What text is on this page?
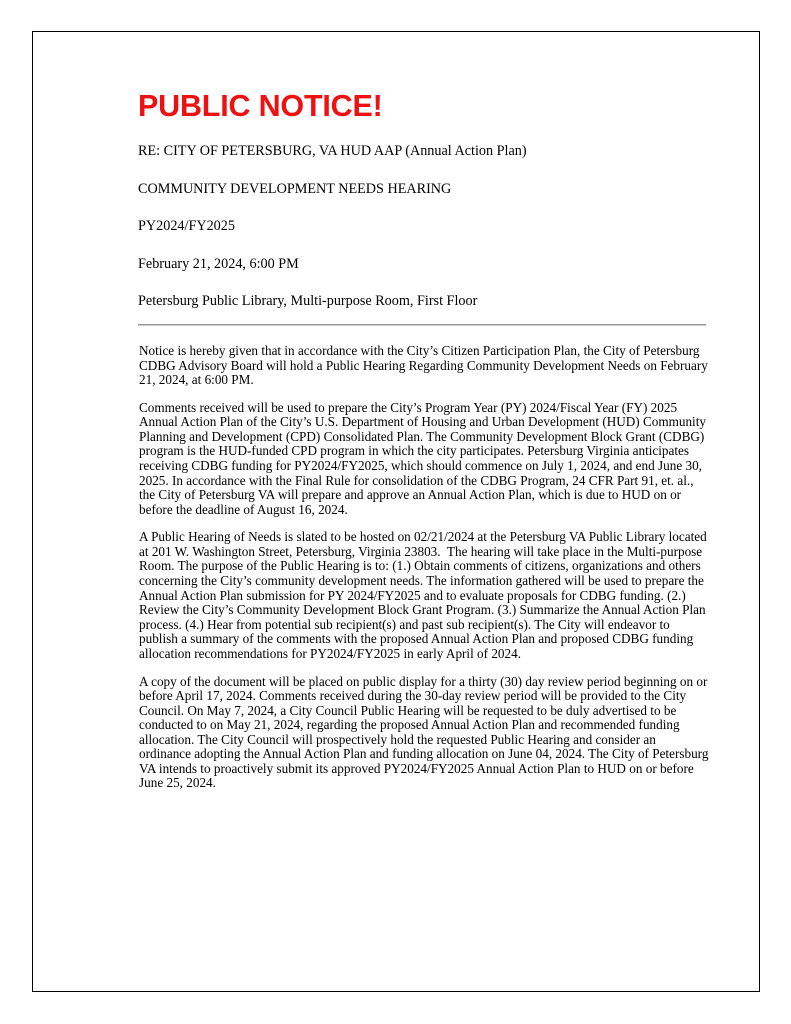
PUBLIC NOTICE!

RE: CITY OF PETERSBURG, VA HUD AAP (Annual Action Plan)

COMMUNITY DEVELOPMENT NEEDS HEARING

PY2024/FY2025

February 21, 2024, 6:00 PM

Petersburg Public Library, Multi-purpose Room, First Floor

Notice is hereby given that in accordance with the City’s Citizen Participation Plan, the City of Petersburg CDBG Advisory Board will hold a Public Hearing Regarding Community Development Needs on February 21, 2024, at 6:00 PM.

Comments received will be used to prepare the City’s Program Year (PY) 2024/Fiscal Year (FY) 2025 Annual Action Plan of the City’s U.S. Department of Housing and Urban Development (HUD) Community Planning and Development (CPD) Consolidated Plan. The Community Development Block Grant (CDBG) program is the HUD-funded CPD program in which the city participates. Petersburg Virginia anticipates receiving CDBG funding for PY2024/FY2025, which should commence on July 1, 2024, and end June 30, 2025. In accordance with the Final Rule for consolidation of the CDBG Program, 24 CFR Part 91, et. al., the City of Petersburg VA will prepare and approve an Annual Action Plan, which is due to HUD on or before the deadline of August 16, 2024.

A Public Hearing of Needs is slated to be hosted on 02/21/2024 at the Petersburg VA Public Library located at 201 W. Washington Street, Petersburg, Virginia 23803.  The hearing will take place in the Multi-purpose Room. The purpose of the Public Hearing is to: (1.) Obtain comments of citizens, organizations and others concerning the City’s community development needs. The information gathered will be used to prepare the Annual Action Plan submission for PY 2024/FY2025 and to evaluate proposals for CDBG funding. (2.) Review the City’s Community Development Block Grant Program. (3.) Summarize the Annual Action Plan process. (4.) Hear from potential sub recipient(s) and past sub recipient(s). The City will endeavor to publish a summary of the comments with the proposed Annual Action Plan and proposed CDBG funding allocation recommendations for PY2024/FY2025 in early April of 2024.

A copy of the document will be placed on public display for a thirty (30) day review period beginning on or before April 17, 2024. Comments received during the 30-day review period will be provided to the City Council. On May 7, 2024, a City Council Public Hearing will be requested to be duly advertised to be conducted to on May 21, 2024, regarding the proposed Annual Action Plan and recommended funding allocation. The City Council will prospectively hold the requested Public Hearing and consider an ordinance adopting the Annual Action Plan and funding allocation on June 04, 2024. The City of Petersburg VA intends to proactively submit its approved PY2024/FY2025 Annual Action Plan to HUD on or before June 25, 2024.
